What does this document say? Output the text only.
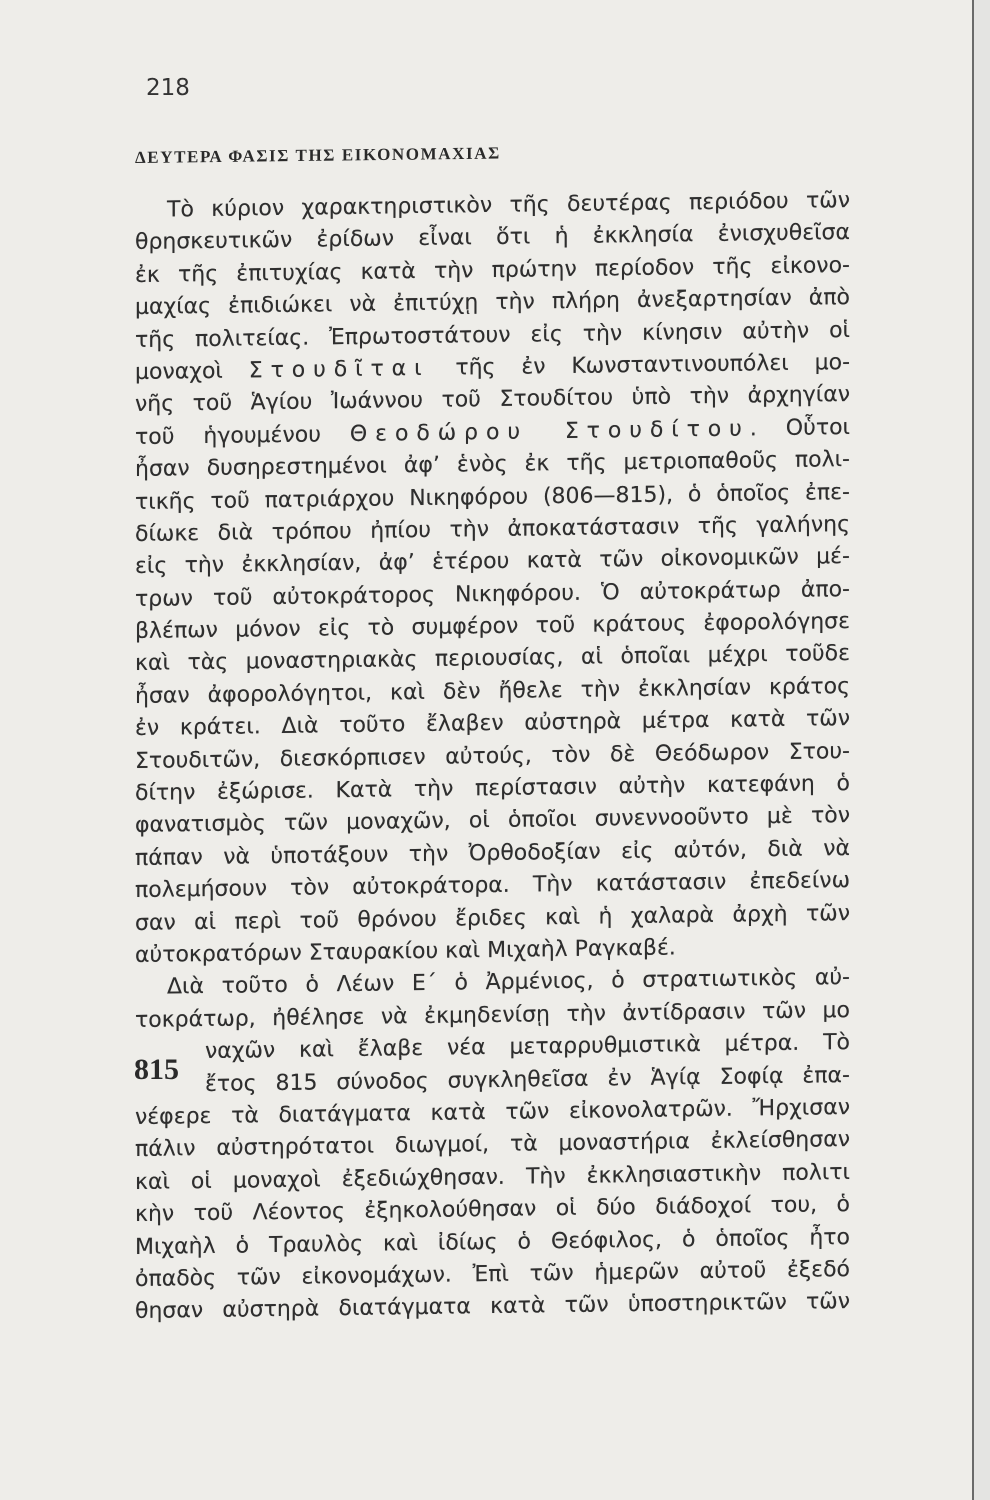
218
ΔΕΥΤΕΡΑ ΦΑΣΙΣ ΤΗΣ ΕΙΚΟΝΟΜΑΧΙΑΣ
815
Τὸ κύριον χαρακτηριστικὸν τῆς δευτέρας περιόδου τῶν
θρησκευτικῶν ἐρίδων εἶναι ὅτι ἡ ἐκκλησία ἐνισχυθεῖσα
ἐκ τῆς ἐπιτυχίας κατὰ τὴν πρώτην περίοδον τῆς εἰκονο-
μαχίας ἐπιδιώκει νὰ ἐπιτύχῃ τὴν πλήρη ἀνεξαρτησίαν ἀπὸ
τῆς πολιτείας. Ἐπρωτοστάτουν εἰς τὴν κίνησιν αὐτὴν οἱ
μοναχοὶ Στουδῖται τῆς ἐν Κωνσταντινουπόλει μο-
νῆς τοῦ Ἁγίου Ἰωάννου τοῦ Στουδίτου ὑπὸ τὴν ἀρχηγίαν
τοῦ ἡγουμένου Θεοδώρου Στουδίτου. Οὗτοι
ἦσαν δυσηρεστημένοι ἀφ’ ἑνὸς ἐκ τῆς μετριοπαθοῦς πολι-
τικῆς τοῦ πατριάρχου Νικηφόρου (806—815), ὁ ὁποῖος ἐπε-
δίωκε διὰ τρόπου ἠπίου τὴν ἀποκατάστασιν τῆς γαλήνης
εἰς τὴν ἐκκλησίαν, ἀφ’ ἑτέρου κατὰ τῶν οἰκονομικῶν μέ-
τρων τοῦ αὐτοκράτορος Νικηφόρου. Ὁ αὐτοκράτωρ ἀπο-
βλέπων μόνον εἰς τὸ συμφέρον τοῦ κράτους ἐφορολόγησε
καὶ τὰς μοναστηριακὰς περιουσίας, αἱ ὁποῖαι μέχρι τοῦδε
ἦσαν ἀφορολόγητοι, καὶ δὲν ἤθελε τὴν ἐκκλησίαν κράτος
ἐν κράτει. Διὰ τοῦτο ἔλαβεν αὐστηρὰ μέτρα κατὰ τῶν
Στουδιτῶν, διεσκόρπισεν αὐτούς, τὸν δὲ Θεόδωρον Στου-
δίτην ἐξώρισε. Κατὰ τὴν περίστασιν αὐτὴν κατεφάνη ὁ
φανατισμὸς τῶν μοναχῶν, οἱ ὁποῖοι συνεννοοῦντο μὲ τὸν
πάπαν νὰ ὑποτάξουν τὴν Ὀρθοδοξίαν εἰς αὐτόν, διὰ νὰ
πολεμήσουν τὸν αὐτοκράτορα. Τὴν κατάστασιν ἐπεδείνω
σαν αἱ περὶ τοῦ θρόνου ἔριδες καὶ ἡ χαλαρὰ ἀρχὴ τῶν
αὐτοκρατόρων Σταυρακίου καὶ Μιχαὴλ Ραγκαβέ.
Διὰ τοῦτο ὁ Λέων Ε΄ ὁ Ἀρμένιος, ὁ στρατιωτικὸς αὐ-
τοκράτωρ, ἠθέλησε νὰ ἐκμηδενίσῃ τὴν ἀντίδρασιν τῶν μο
ναχῶν καὶ ἔλαβε νέα μεταρρυθμιστικὰ μέτρα. Τὸ
ἔτος 815 σύνοδος συγκληθεῖσα ἐν Ἁγίᾳ Σοφίᾳ ἐπα-
νέφερε τὰ διατάγματα κατὰ τῶν εἰκονολατρῶν. Ἤρχισαν
πάλιν αὐστηρότατοι διωγμοί, τὰ μοναστήρια ἐκλείσθησαν
καὶ οἱ μοναχοὶ ἐξεδιώχθησαν. Τὴν ἐκκλησιαστικὴν πολιτι
κὴν τοῦ Λέοντος ἐξηκολούθησαν οἱ δύο διάδοχοί του, ὁ
Μιχαὴλ ὁ Τραυλὸς καὶ ἰδίως ὁ Θεόφιλος, ὁ ὁποῖος ἦτο
ὀπαδὸς τῶν εἰκονομάχων. Ἐπὶ τῶν ἡμερῶν αὐτοῦ ἐξεδό
θησαν αὐστηρὰ διατάγματα κατὰ τῶν ὑποστηρικτῶν τῶν
